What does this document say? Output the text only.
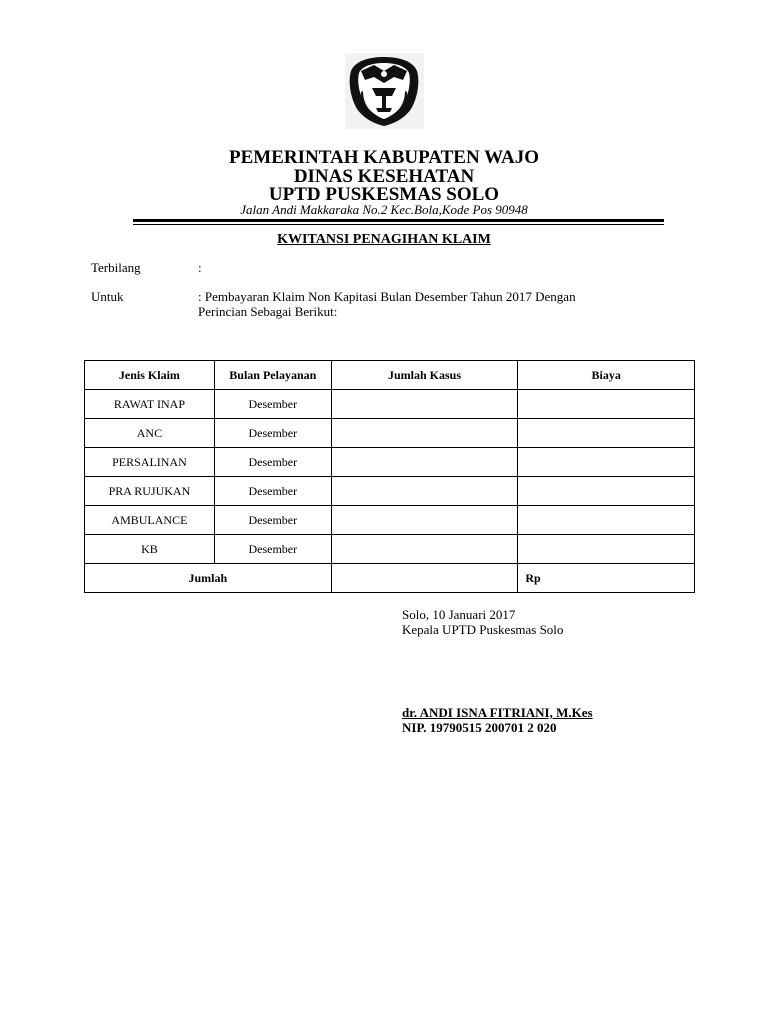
PEMERINTAH KABUPATEN WAJO
DINAS KESEHATAN
UPTD PUSKESMAS SOLO
Jalan Andi Makkaraka No.2 Kec.Bola,Kode Pos 90948
KWITANSI PENAGIHAN KLAIM
Terbilang	:
Untuk	: Pembayaran Klaim Non Kapitasi Bulan Desember Tahun 2017 Dengan
Perincian Sebagai Berikut:
Jenis Klaim	Bulan Pelayanan	Jumlah Kasus	Biaya
RAWAT INAP	Desember		
ANC	Desember		
PERSALINAN	Desember		
PRA RUJUKAN	Desember		
AMBULANCE	Desember		
KB	Desember		
Jumlah			Rp
Solo, 10 Januari 2017
Kepala UPTD Puskesmas Solo
dr. ANDI ISNA FITRIANI, M.Kes
NIP. 19790515 200701 2 020
